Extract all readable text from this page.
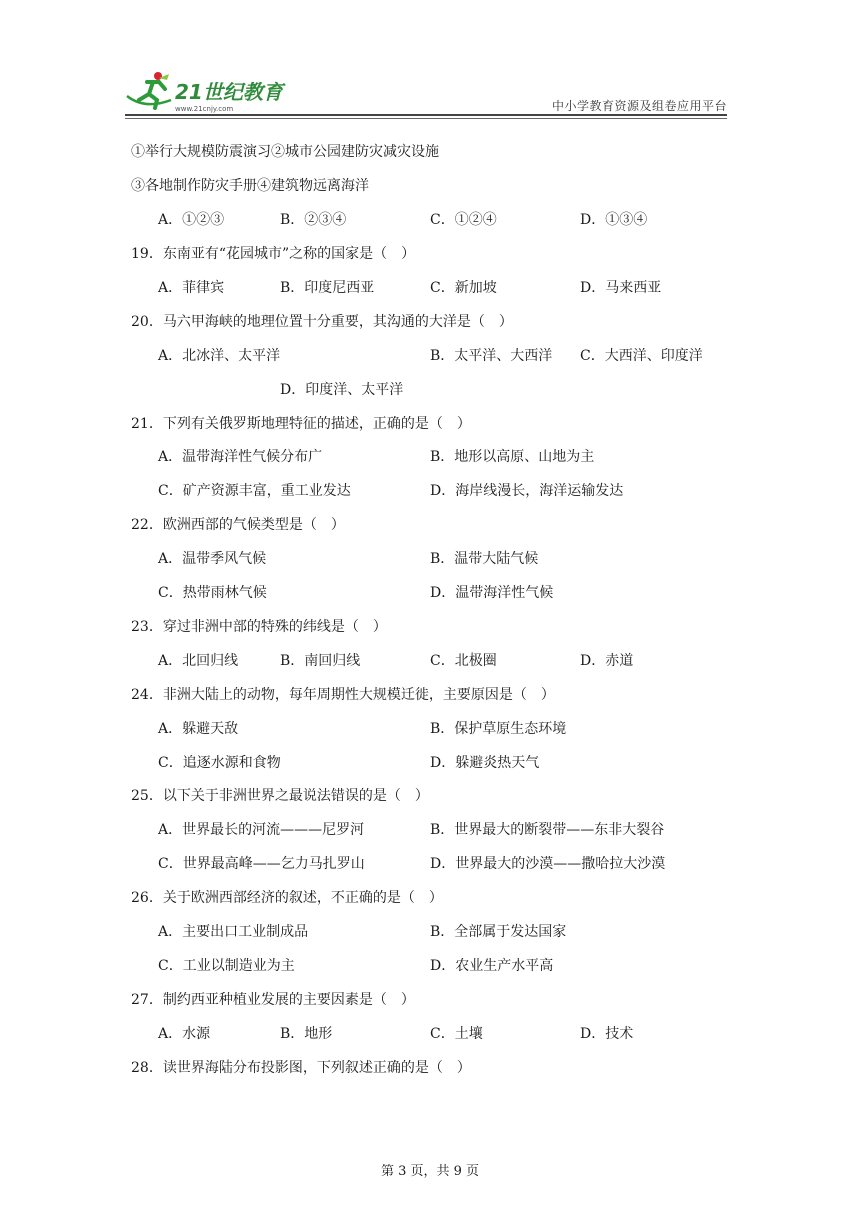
21世纪教育
www.21cnjy.com	中小学教育资源及组卷应用平台
①举行大规模防震演习②城市公园建防灾减灾设施
③各地制作防灾手册④建筑物远离海洋
A．①②③	B．②③④	C．①②④	D．①③④
19．东南亚有“花园城市”之称的国家是（　）
A．菲律宾	B．印度尼西亚	C．新加坡	D．马来西亚
20．马六甲海峡的地理位置十分重要，其沟通的大洋是（　）
A．北冰洋、太平洋	B．太平洋、大西洋 C．大西洋、印度洋
D．印度洋、太平洋
21．下列有关俄罗斯地理特征的描述，正确的是（　）
A．温带海洋性气候分布广	B．地形以高原、山地为主
C．矿产资源丰富，重工业发达	D．海岸线漫长，海洋运输发达
22．欧洲西部的气候类型是（　）
A．温带季风气候	B．温带大陆气候
C．热带雨林气候	D．温带海洋性气候
23．穿过非洲中部的特殊的纬线是（　）
A．北回归线	B．南回归线	C．北极圈	D．赤道
24．非洲大陆上的动物，每年周期性大规模迁徙，主要原因是（　）
A．躲避天敌	B．保护草原生态环境
C．追逐水源和食物	D．躲避炎热天气
25．以下关于非洲世界之最说法错误的是（　）
A．世界最长的河流———尼罗河	B．世界最大的断裂带——东非大裂谷
C．世界最高峰——乞力马扎罗山	D．世界最大的沙漠——撒哈拉大沙漠
26．关于欧洲西部经济的叙述，不正确的是（　）
A．主要出口工业制成品	B．全部属于发达国家
C．工业以制造业为主	D．农业生产水平高
27．制约西亚种植业发展的主要因素是（　）
A．水源	B．地形	C．土壤	D．技术
28．读世界海陆分布投影图，下列叙述正确的是（　）
第 3 页，共 9 页
